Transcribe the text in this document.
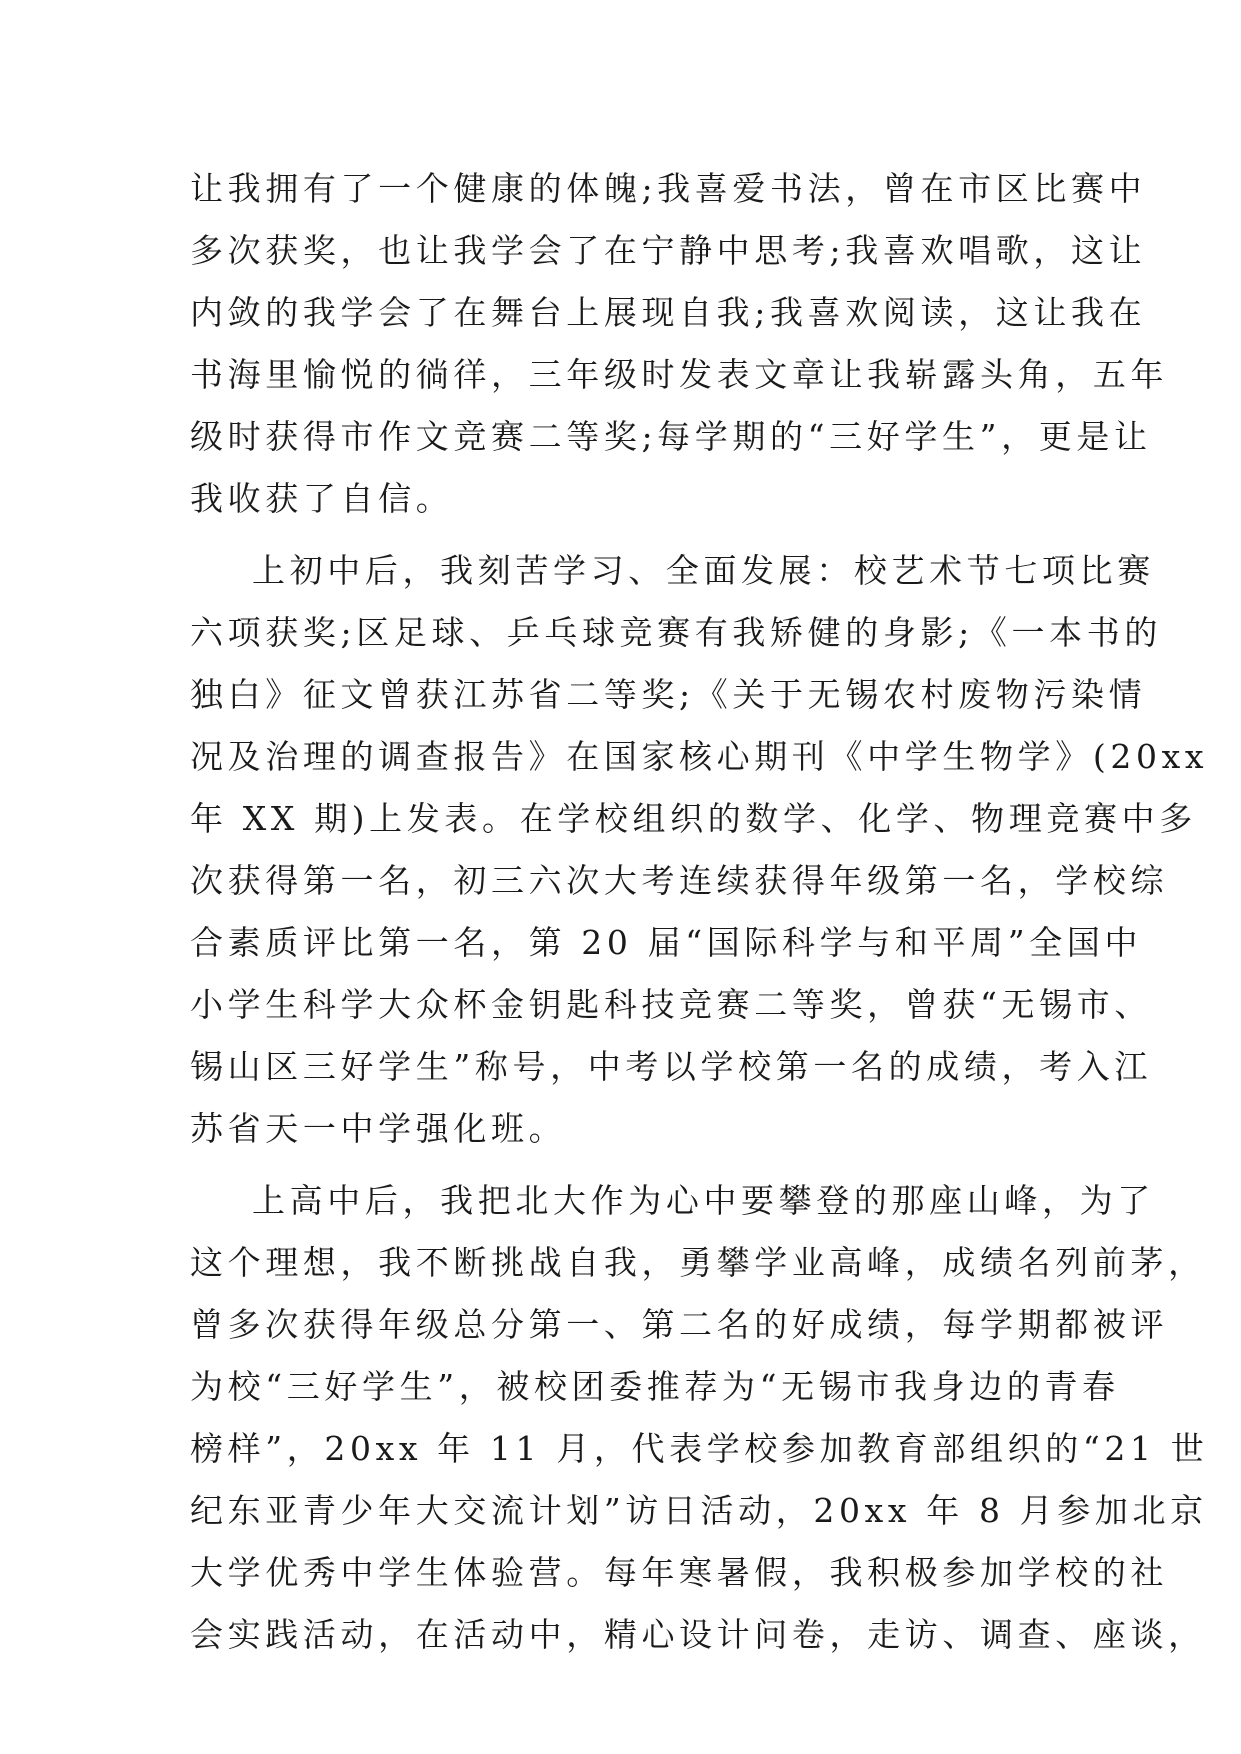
让我拥有了一个健康的体魄;我喜爱书法，曾在市区比赛中
多次获奖，也让我学会了在宁静中思考;我喜欢唱歌，这让
内敛的我学会了在舞台上展现自我;我喜欢阅读，这让我在
书海里愉悦的徜徉，三年级时发表文章让我崭露头角，五年
级时获得市作文竞赛二等奖;每学期的“三好学生”，更是让
我收获了自信。
上初中后，我刻苦学习、全面发展：校艺术节七项比赛
六项获奖;区足球、乒乓球竞赛有我矫健的身影;《一本书的
独白》征文曾获江苏省二等奖;《关于无锡农村废物污染情
况及治理的调查报告》在国家核心期刊《中学生物学》(20xx
年 XX 期)上发表。在学校组织的数学、化学、物理竞赛中多
次获得第一名，初三六次大考连续获得年级第一名，学校综
合素质评比第一名，第 20 届“国际科学与和平周”全国中
小学生科学大众杯金钥匙科技竞赛二等奖，曾获“无锡市、
锡山区三好学生”称号，中考以学校第一名的成绩，考入江
苏省天一中学强化班。
上高中后，我把北大作为心中要攀登的那座山峰，为了
这个理想，我不断挑战自我，勇攀学业高峰，成绩名列前茅，
曾多次获得年级总分第一、第二名的好成绩，每学期都被评
为校“三好学生”，被校团委推荐为“无锡市我身边的青春
榜样”，20xx 年 11 月，代表学校参加教育部组织的“21 世
纪东亚青少年大交流计划”访日活动，20xx 年 8 月参加北京
大学优秀中学生体验营。每年寒暑假，我积极参加学校的社
会实践活动，在活动中，精心设计问卷，走访、调查、座谈，
